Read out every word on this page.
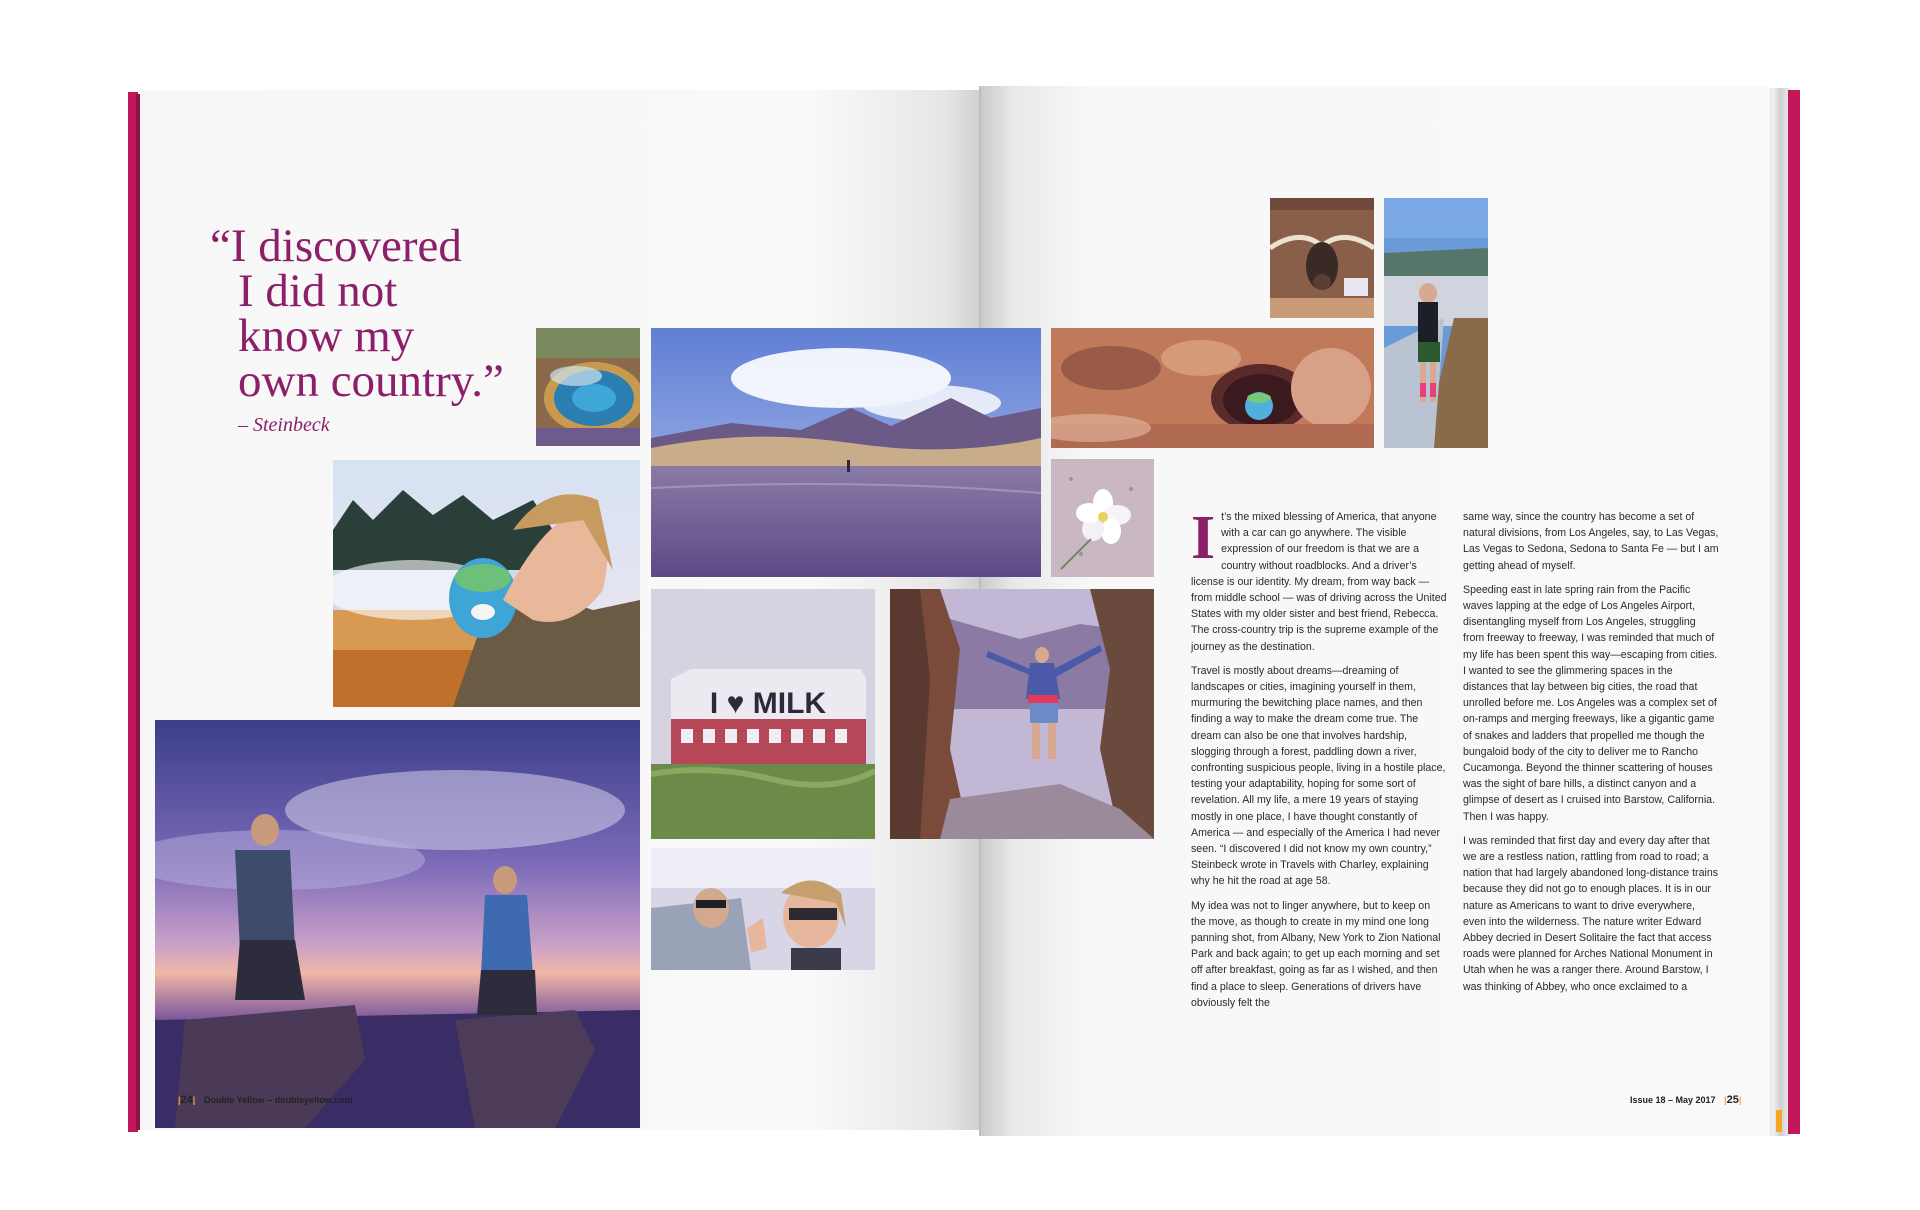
“I discovered
I did not
know my
own country.”
– Steinbeck
I ♥ MILK
I t’s the mixed blessing of America, that anyone with a car can go anywhere. The visible expression of our freedom is that we are a country without roadblocks. And a driver’s license is our identity. My dream, from way back — from middle school — was of driving across the United States with my older sister and best friend, Rebecca. The cross-country trip is the supreme example of the journey as the destination.

Travel is mostly about dreams—dreaming of landscapes or cities, imagining yourself in them, murmuring the bewitching place names, and then finding a way to make the dream come true. The dream can also be one that involves hardship, slogging through a forest, paddling down a river, confronting suspicious people, living in a hostile place, testing your adaptability, hoping for some sort of revelation. All my life, a mere 19 years of staying mostly in one place, I have thought constantly of America — and especially of the America I had never seen. “I discovered I did not know my own country,” Steinbeck wrote in Travels with Charley, explaining why he hit the road at age 58.

My idea was not to linger anywhere, but to keep on the move, as though to create in my mind one long panning shot, from Albany, New York to Zion National Park and back again; to get up each morning and set off after breakfast, going as far as I wished, and then find a place to sleep. Generations of drivers have obviously felt the

same way, since the country has become a set of natural divisions, from Los Angeles, say, to Las Vegas, Las Vegas to Sedona, Sedona to Santa Fe — but I am getting ahead of myself.

Speeding east in late spring rain from the Pacific waves lapping at the edge of Los Angeles Airport, disentangling myself from Los Angeles, struggling from freeway to freeway, I was reminded that much of my life has been spent this way—escaping from cities. I wanted to see the glimmering spaces in the distances that lay between big cities, the road that unrolled before me. Los Angeles was a complex set of on-ramps and merging freeways, like a gigantic game of snakes and ladders that propelled me though the bungaloid body of the city to deliver me to Rancho Cucamonga. Beyond the thinner scattering of houses was the sight of bare hills, a distinct canyon and a glimpse of desert as I cruised into Barstow, California. Then I was happy.

I was reminded that first day and every day after that we are a restless nation, rattling from road to road; a nation that had largely abandoned long-distance trains because they did not go to enough places. It is in our nature as Americans to want to drive everywhere, even into the wilderness. The nature writer Edward Abbey decried in Desert Solitaire the fact that access roads were planned for Arches National Monument in Utah when he was a ranger there. Around Barstow, I was thinking of Abbey, who once exclaimed to a

|24| Double Yellow – doubleyellow.com	Issue 18 – May 2017 |25|
